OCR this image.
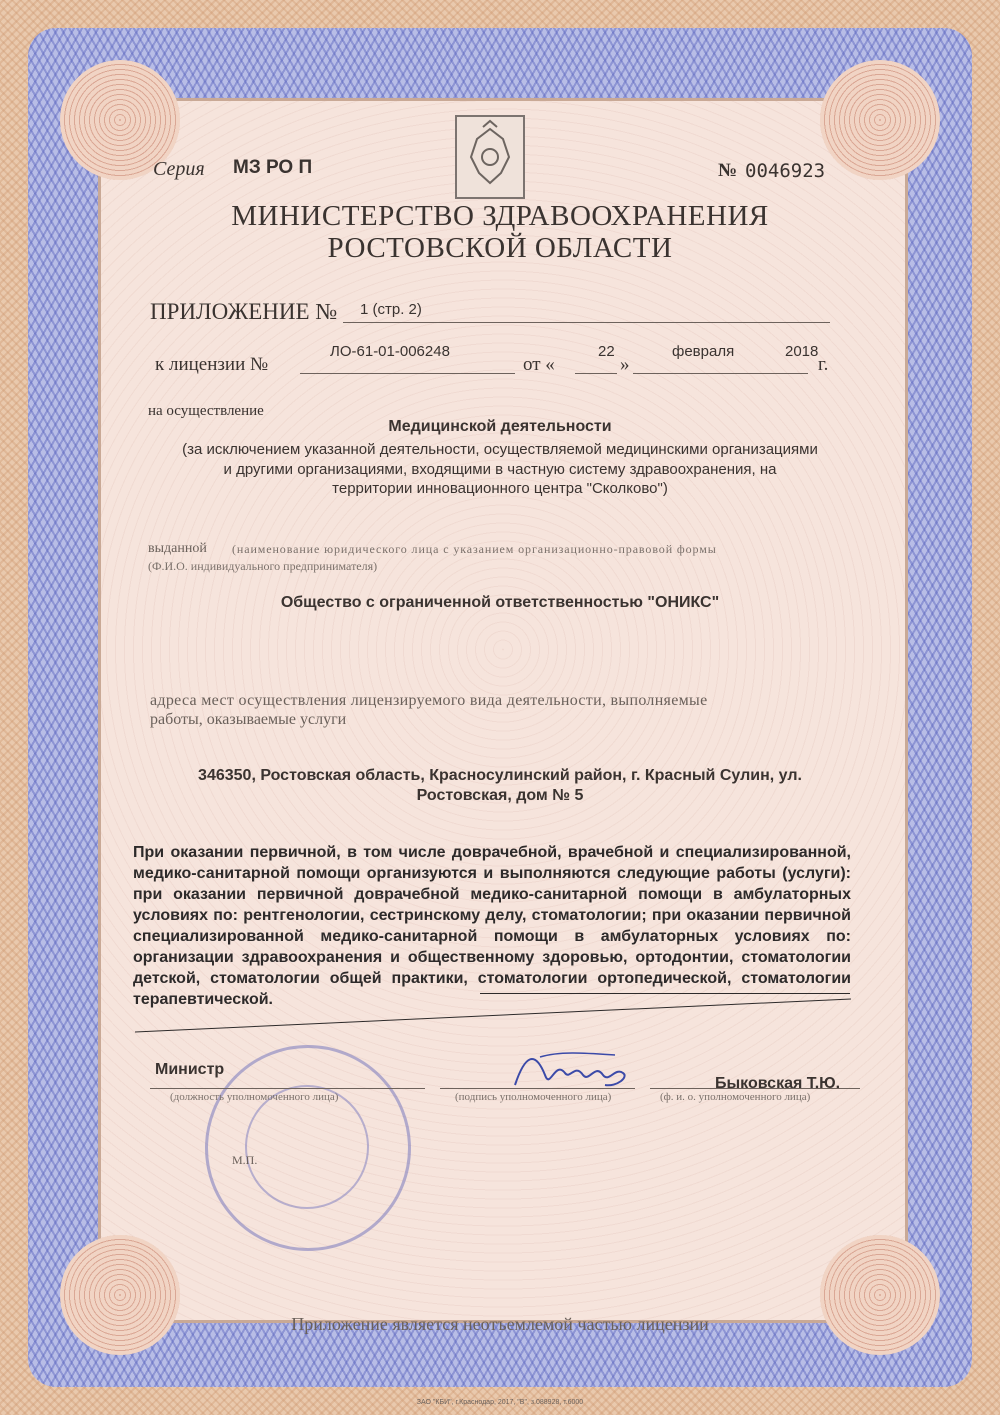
Серия МЗ РО П	№ 0046923
МИНИСТЕРСТВО ЗДРАВООХРАНЕНИЯ
РОСТОВСКОЙ ОБЛАСТИ
ПРИЛОЖЕНИЕ № 1 (стр. 2)
к лицензии №
ЛО-61-01-006248
от «
22
»
февраля	2018
г.
на осуществление
Медицинской деятельности
(за исключением указанной деятельности, осуществляемой медицинскими организациями
и другими организациями, входящими в частную систему здравоохранения, на
территории инновационного центра "Сколково")
выданной (наименование юридического лица с указанием организационно-правовой формы
(Ф.И.О. индивидуального предпринимателя)
Общество с ограниченной ответственностью "ОНИКС"
адреса мест осуществления лицензируемого вида деятельности, выполняемые
работы, оказываемые услуги
346350, Ростовская область, Красносулинский район, г. Красный Сулин, ул.
Ростовская, дом № 5
При оказании первичной, в том числе доврачебной, врачебной и специализированной, медико-санитарной помощи организуются и выполняются следующие работы (услуги): при оказании первичной доврачебной медико-санитарной помощи в амбулаторных условиях по: рентгенологии, сестринскому делу, стоматологии; при оказании первичной специализированной медико-санитарной помощи в амбулаторных условиях по: организации здравоохранения и общественному здоровью, ортодонтии, стоматологии детской, стоматологии общей практики, стоматологии ортопедической, стоматологии терапевтической.
Министр
(должность уполномоченного лица)	(подпись уполномоченного лица)
Быковская Т.Ю.
(ф. и. о. уполномоченного лица)
М.П.
Приложение является неотъемлемой частью лицензии
ЗАО "КБИ", г.Краснодар, 2017, "В", з.088928, т.6000
